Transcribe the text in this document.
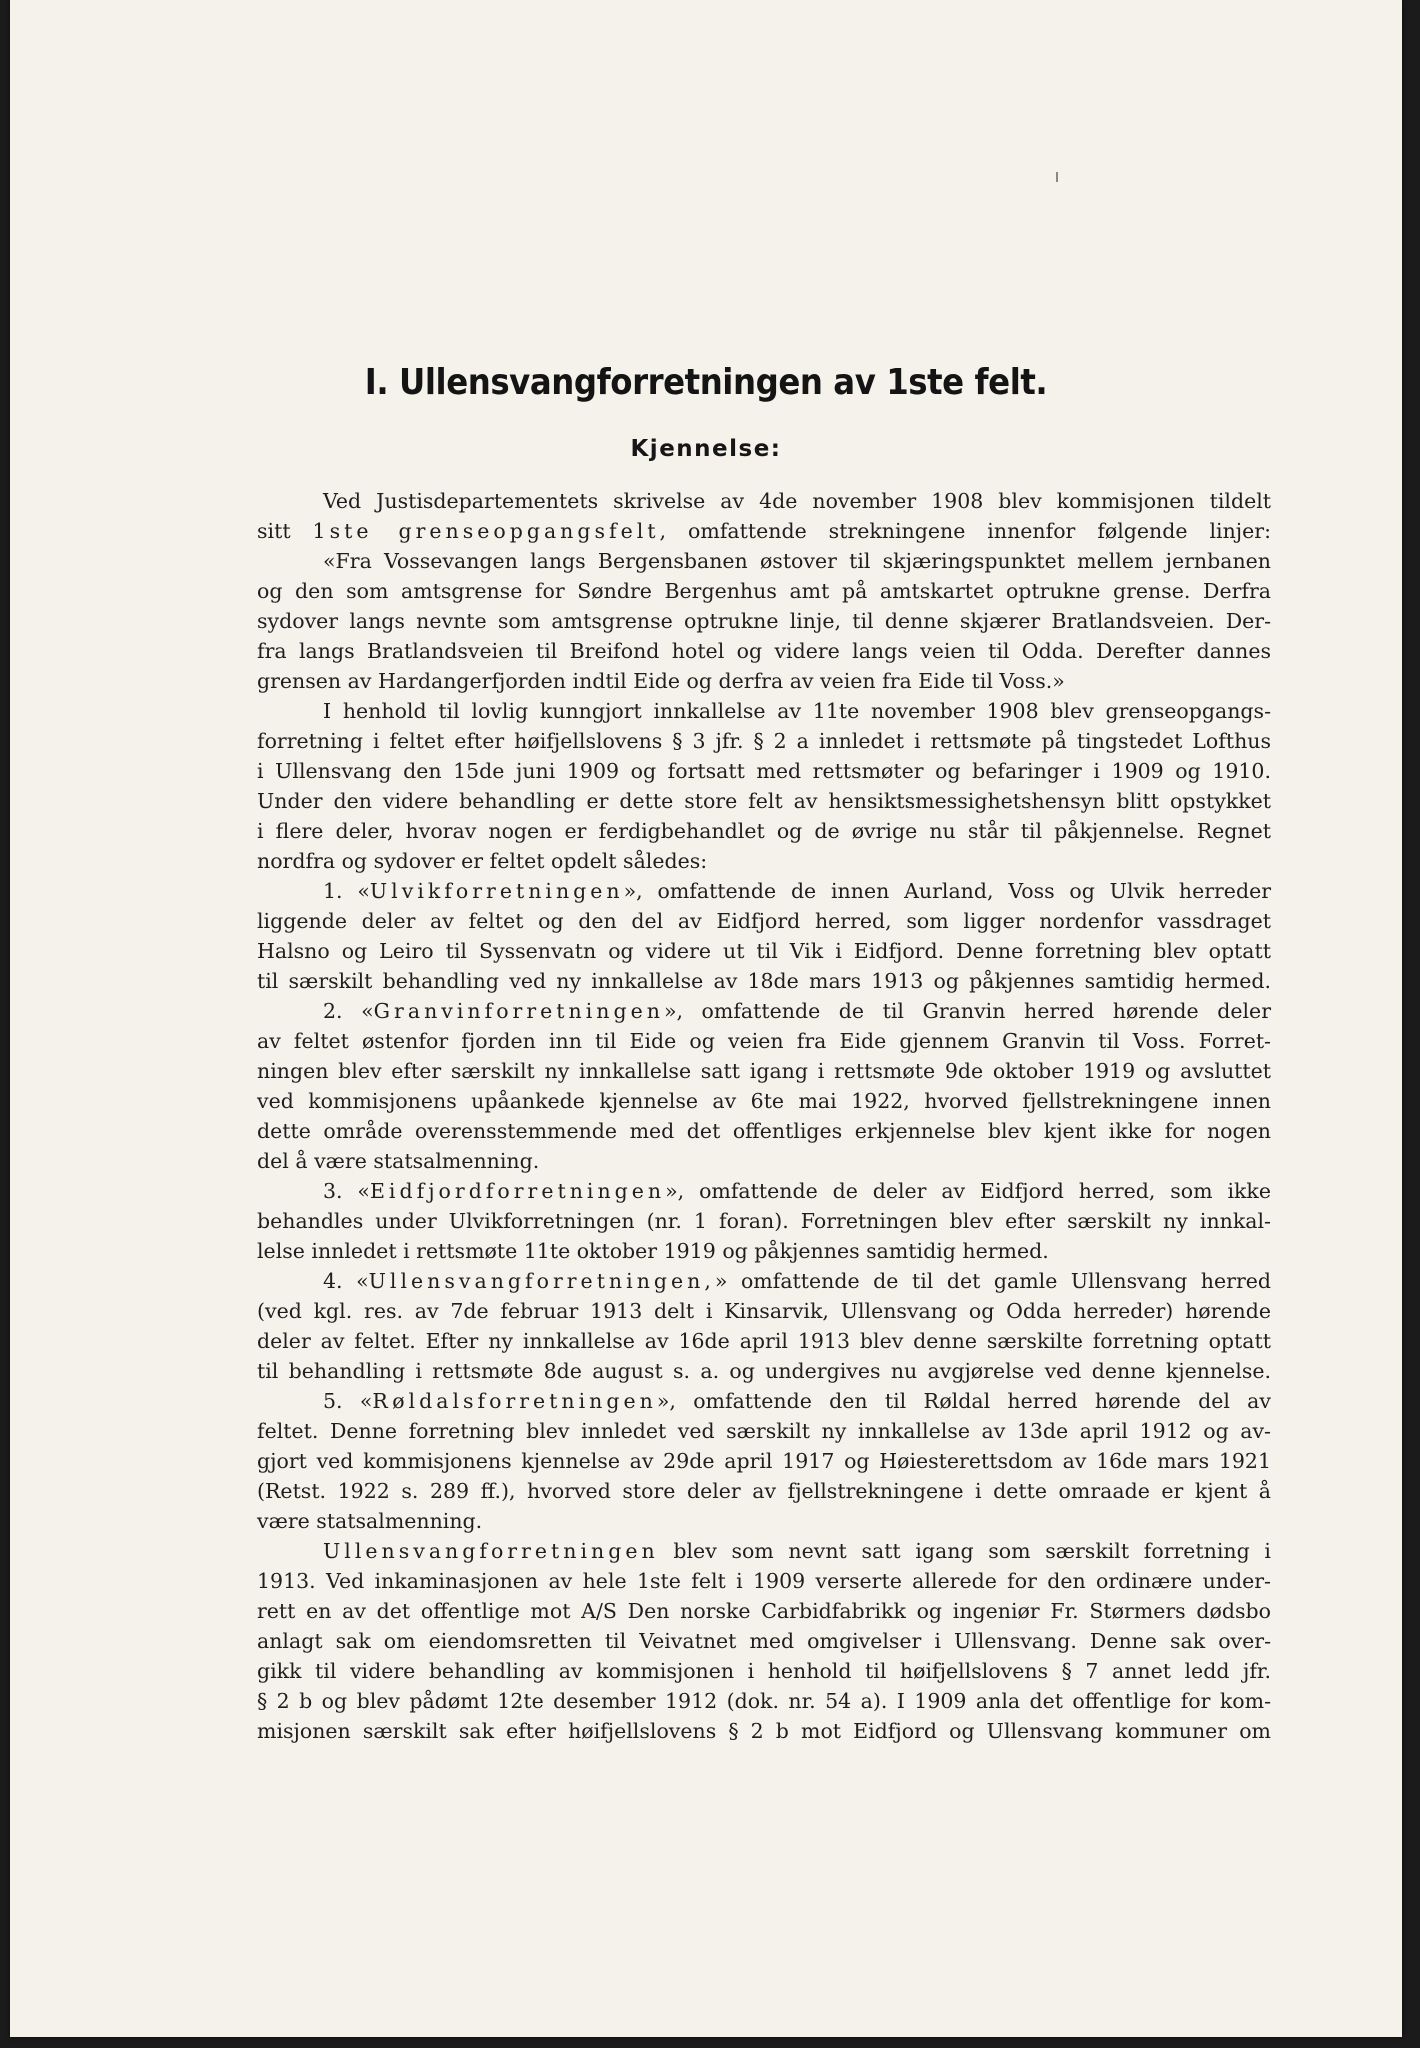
I. Ullensvangforretningen av 1ste felt.
Kjennelse:
Ved Justisdepartementets skrivelse av 4de november 1908 blev kommisjonen tildelt
sitt 1ste grenseopgangsfelt, omfattende strekningene innenfor følgende linjer:
«Fra Vossevangen langs Bergensbanen østover til skjæringspunktet mellem jernbanen
og den som amtsgrense for Søndre Bergenhus amt på amtskartet optrukne grense. Derfra
sydover langs nevnte som amtsgrense optrukne linje, til denne skjærer Bratlandsveien. Der-
fra langs Bratlandsveien til Breifond hotel og videre langs veien til Odda. Derefter dannes
grensen av Hardangerfjorden indtil Eide og derfra av veien fra Eide til Voss.»
I henhold til lovlig kunngjort innkallelse av 11te november 1908 blev grenseopgangs-
forretning i feltet efter høifjellslovens § 3 jfr. § 2 a innledet i rettsmøte på tingstedet Lofthus
i Ullensvang den 15de juni 1909 og fortsatt med rettsmøter og befaringer i 1909 og 1910.
Under den videre behandling er dette store felt av hensiktsmessighetshensyn blitt opstykket
i flere deler, hvorav nogen er ferdigbehandlet og de øvrige nu står til påkjennelse. Regnet
nordfra og sydover er feltet opdelt således:
1. «Ulvikforretningen», omfattende de innen Aurland, Voss og Ulvik herreder
liggende deler av feltet og den del av Eidfjord herred, som ligger nordenfor vassdraget
Halsno og Leiro til Syssenvatn og videre ut til Vik i Eidfjord. Denne forretning blev optatt
til særskilt behandling ved ny innkallelse av 18de mars 1913 og påkjennes samtidig hermed.
2. «Granvinforretningen», omfattende de til Granvin herred hørende deler
av feltet østenfor fjorden inn til Eide og veien fra Eide gjennem Granvin til Voss. Forret-
ningen blev efter særskilt ny innkallelse satt igang i rettsmøte 9de oktober 1919 og avsluttet
ved kommisjonens upåankede kjennelse av 6te mai 1922, hvorved fjellstrekningene innen
dette område overensstemmende med det offentliges erkjennelse blev kjent ikke for nogen
del å være statsalmenning.
3. «Eidfjordforretningen», omfattende de deler av Eidfjord herred, som ikke
behandles under Ulvikforretningen (nr. 1 foran). Forretningen blev efter særskilt ny innkal-
lelse innledet i rettsmøte 11te oktober 1919 og påkjennes samtidig hermed.
4. «Ullensvangforretningen,» omfattende de til det gamle Ullensvang herred
(ved kgl. res. av 7de februar 1913 delt i Kinsarvik, Ullensvang og Odda herreder) hørende
deler av feltet. Efter ny innkallelse av 16de april 1913 blev denne særskilte forretning optatt
til behandling i rettsmøte 8de august s. a. og undergives nu avgjørelse ved denne kjennelse.
5. «Røldalsforretningen», omfattende den til Røldal herred hørende del av
feltet. Denne forretning blev innledet ved særskilt ny innkallelse av 13de april 1912 og av-
gjort ved kommisjonens kjennelse av 29de april 1917 og Høiesterettsdom av 16de mars 1921
(Retst. 1922 s. 289 ff.), hvorved store deler av fjellstrekningene i dette omraade er kjent å
være statsalmenning.
Ullensvangforretningen blev som nevnt satt igang som særskilt forretning i
1913. Ved inkaminasjonen av hele 1ste felt i 1909 verserte allerede for den ordinære under-
rett en av det offentlige mot A/S Den norske Carbidfabrikk og ingeniør Fr. Størmers dødsbo
anlagt sak om eiendomsretten til Veivatnet med omgivelser i Ullensvang. Denne sak over-
gikk til videre behandling av kommisjonen i henhold til høifjellslovens § 7 annet ledd jfr.
§ 2 b og blev pådømt 12te desember 1912 (dok. nr. 54 a). I 1909 anla det offentlige for kom-
misjonen særskilt sak efter høifjellslovens § 2 b mot Eidfjord og Ullensvang kommuner om
